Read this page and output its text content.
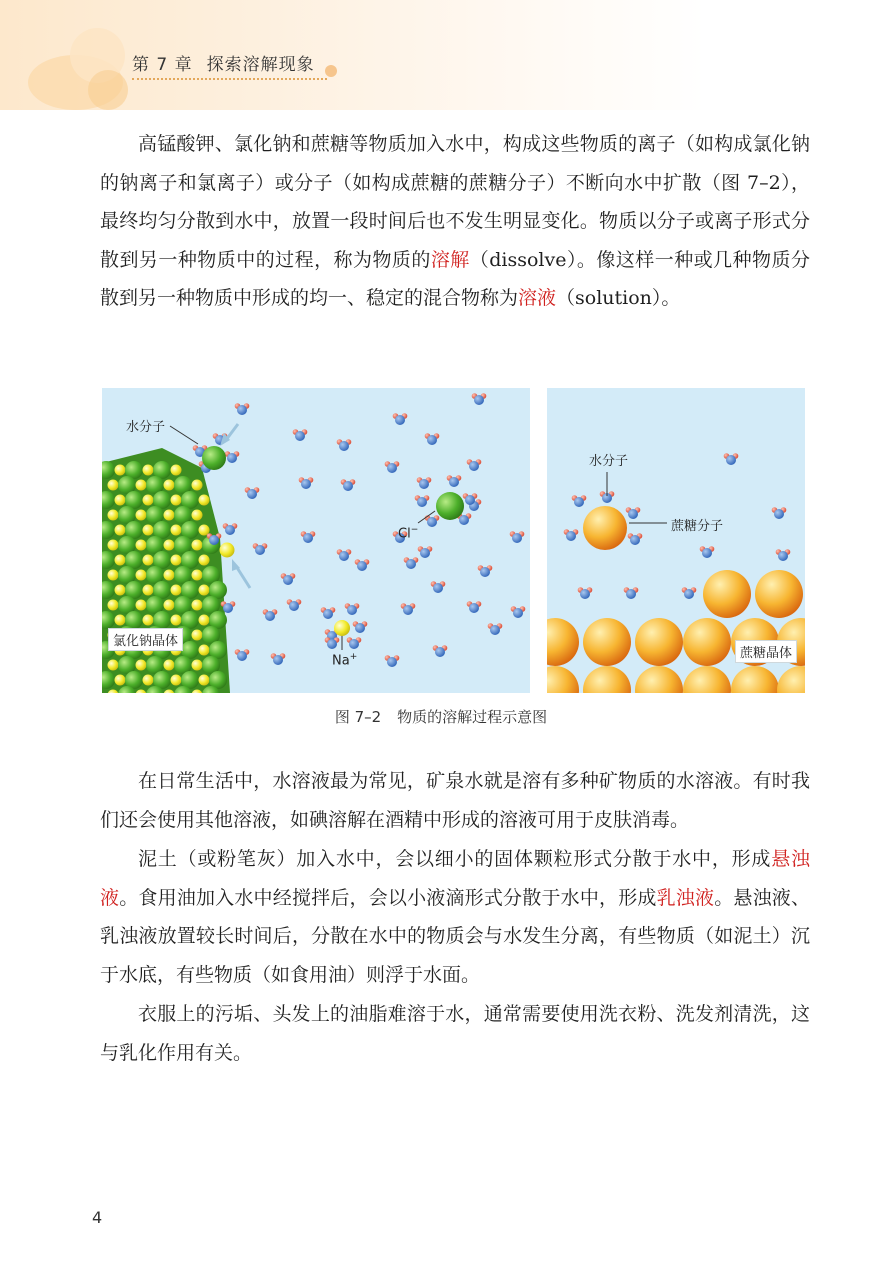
第 7 章 探索溶解现象

高锰酸钾、氯化钠和蔗糖等物质加入水中，构成这些物质的离子（如构成氯化钠的钠离子和氯离子）或分子（如构成蔗糖的蔗糖分子）不断向水中扩散（图 7–2），最终均匀分散到水中，放置一段时间后也不发生明显变化。物质以分子或离子形式分散到另一种物质中的过程，称为物质的溶解（dissolve）。像这样一种或几种物质分散到另一种物质中形成的均一、稳定的混合物称为溶液（solution）。

水分子
Cl−
Na+
氯化钠晶体
水分子
蔗糖分子
蔗糖晶体
图 7–2 物质的溶解过程示意图

在日常生活中，水溶液最为常见，矿泉水就是溶有多种矿物质的水溶液。有时我们还会使用其他溶液，如碘溶解在酒精中形成的溶液可用于皮肤消毒。

泥土（或粉笔灰）加入水中，会以细小的固体颗粒形式分散于水中，形成悬浊液。食用油加入水中经搅拌后，会以小液滴形式分散于水中，形成乳浊液。悬浊液、乳浊液放置较长时间后，分散在水中的物质会与水发生分离，有些物质（如泥土）沉于水底，有些物质（如食用油）则浮于水面。

衣服上的污垢、头发上的油脂难溶于水，通常需要使用洗衣粉、洗发剂清洗，这与乳化作用有关。

4
